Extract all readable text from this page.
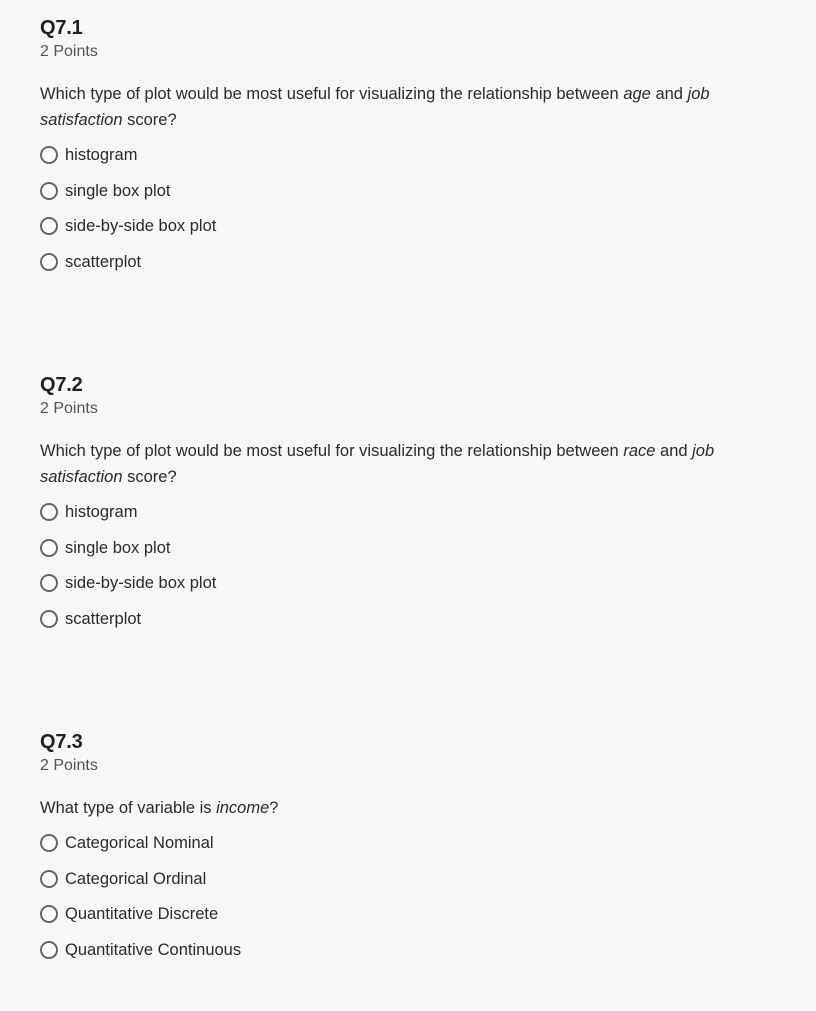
Q7.1
2 Points
Which type of plot would be most useful for visualizing the relationship between age and job satisfaction score?
histogram
single box plot
side-by-side box plot
scatterplot
Q7.2
2 Points
Which type of plot would be most useful for visualizing the relationship between race and job satisfaction score?
histogram
single box plot
side-by-side box plot
scatterplot
Q7.3
2 Points
What type of variable is income?
Categorical Nominal
Categorical Ordinal
Quantitative Discrete
Quantitative Continuous
